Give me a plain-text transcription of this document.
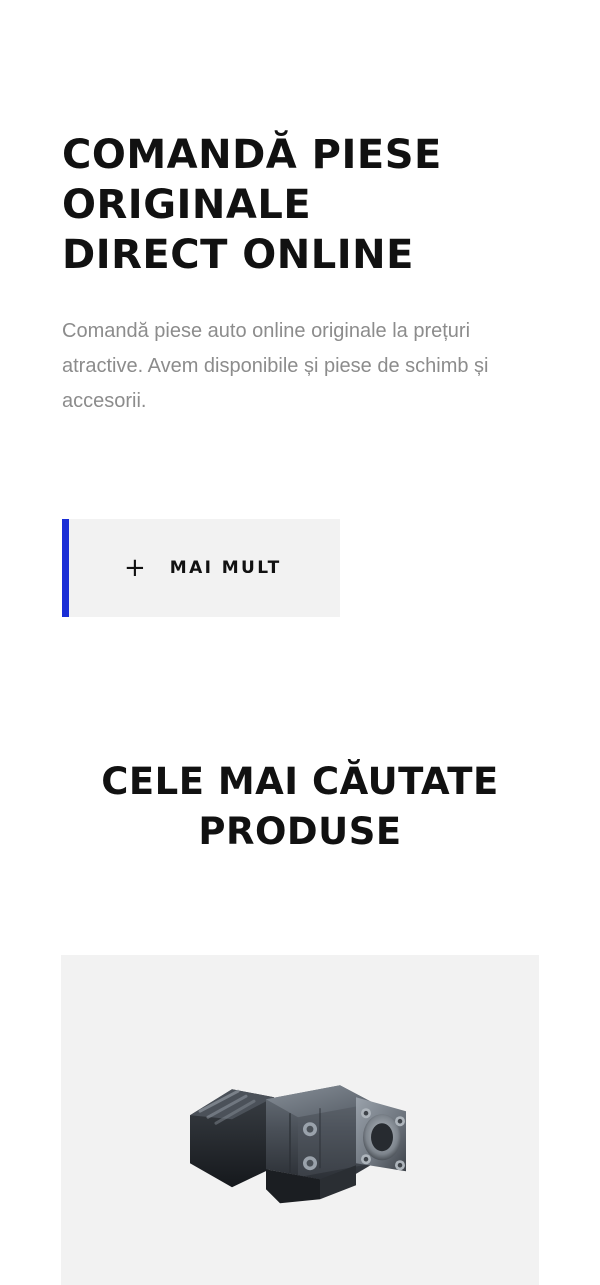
COMANDĂ PIESE ORIGINALE DIRECT ONLINE

Comandă piese auto online originale la prețuri atractive. Avem disponibile și piese de schimb și accesorii.

+ MAI MULT
CELE MAI CĂUTATE PRODUSE
